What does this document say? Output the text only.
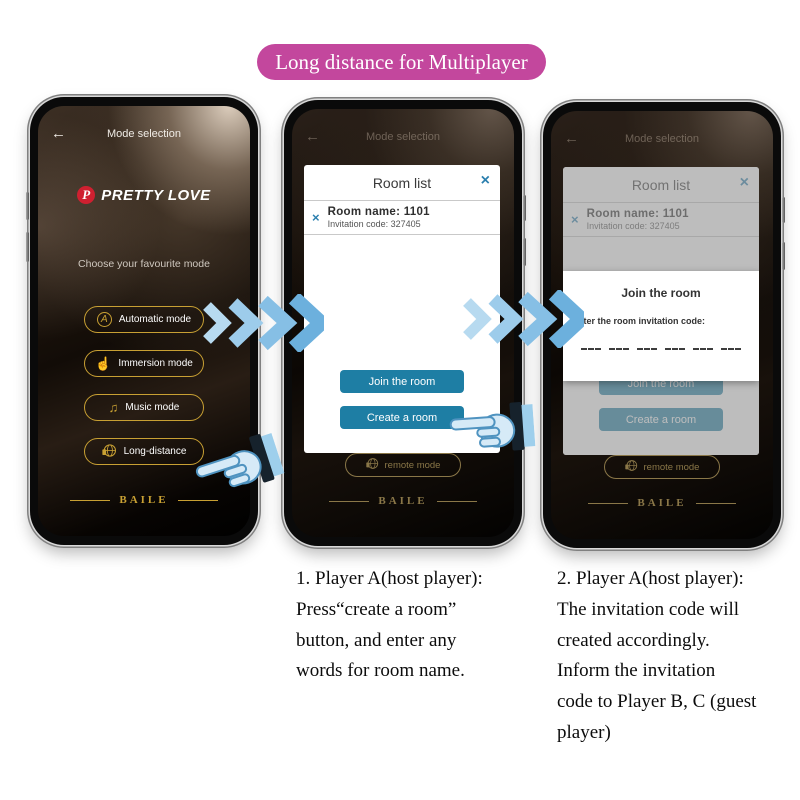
Long distance for Multiplayer
←	Mode selection
P PRETTY LOVE
Choose your favourite mode
A	Automatic mode
☝ Immersion mode
♫ Music mode
Long-distance
BAILE
←	Mode selection
Room list	×
× Room name: 1101
Invitation code: 327405
Join the room
Create a room
remote mode
BAILE
←	Mode selection
Join the room
Enter the room invitation code:
remote mode
BAILE
1. Player A(host player):
Press“create a room”
button, and enter any
words for room name.
2. Player A(host player):
The invitation code will
created accordingly.
Inform the invitation
code to Player B, C (guest
player)
